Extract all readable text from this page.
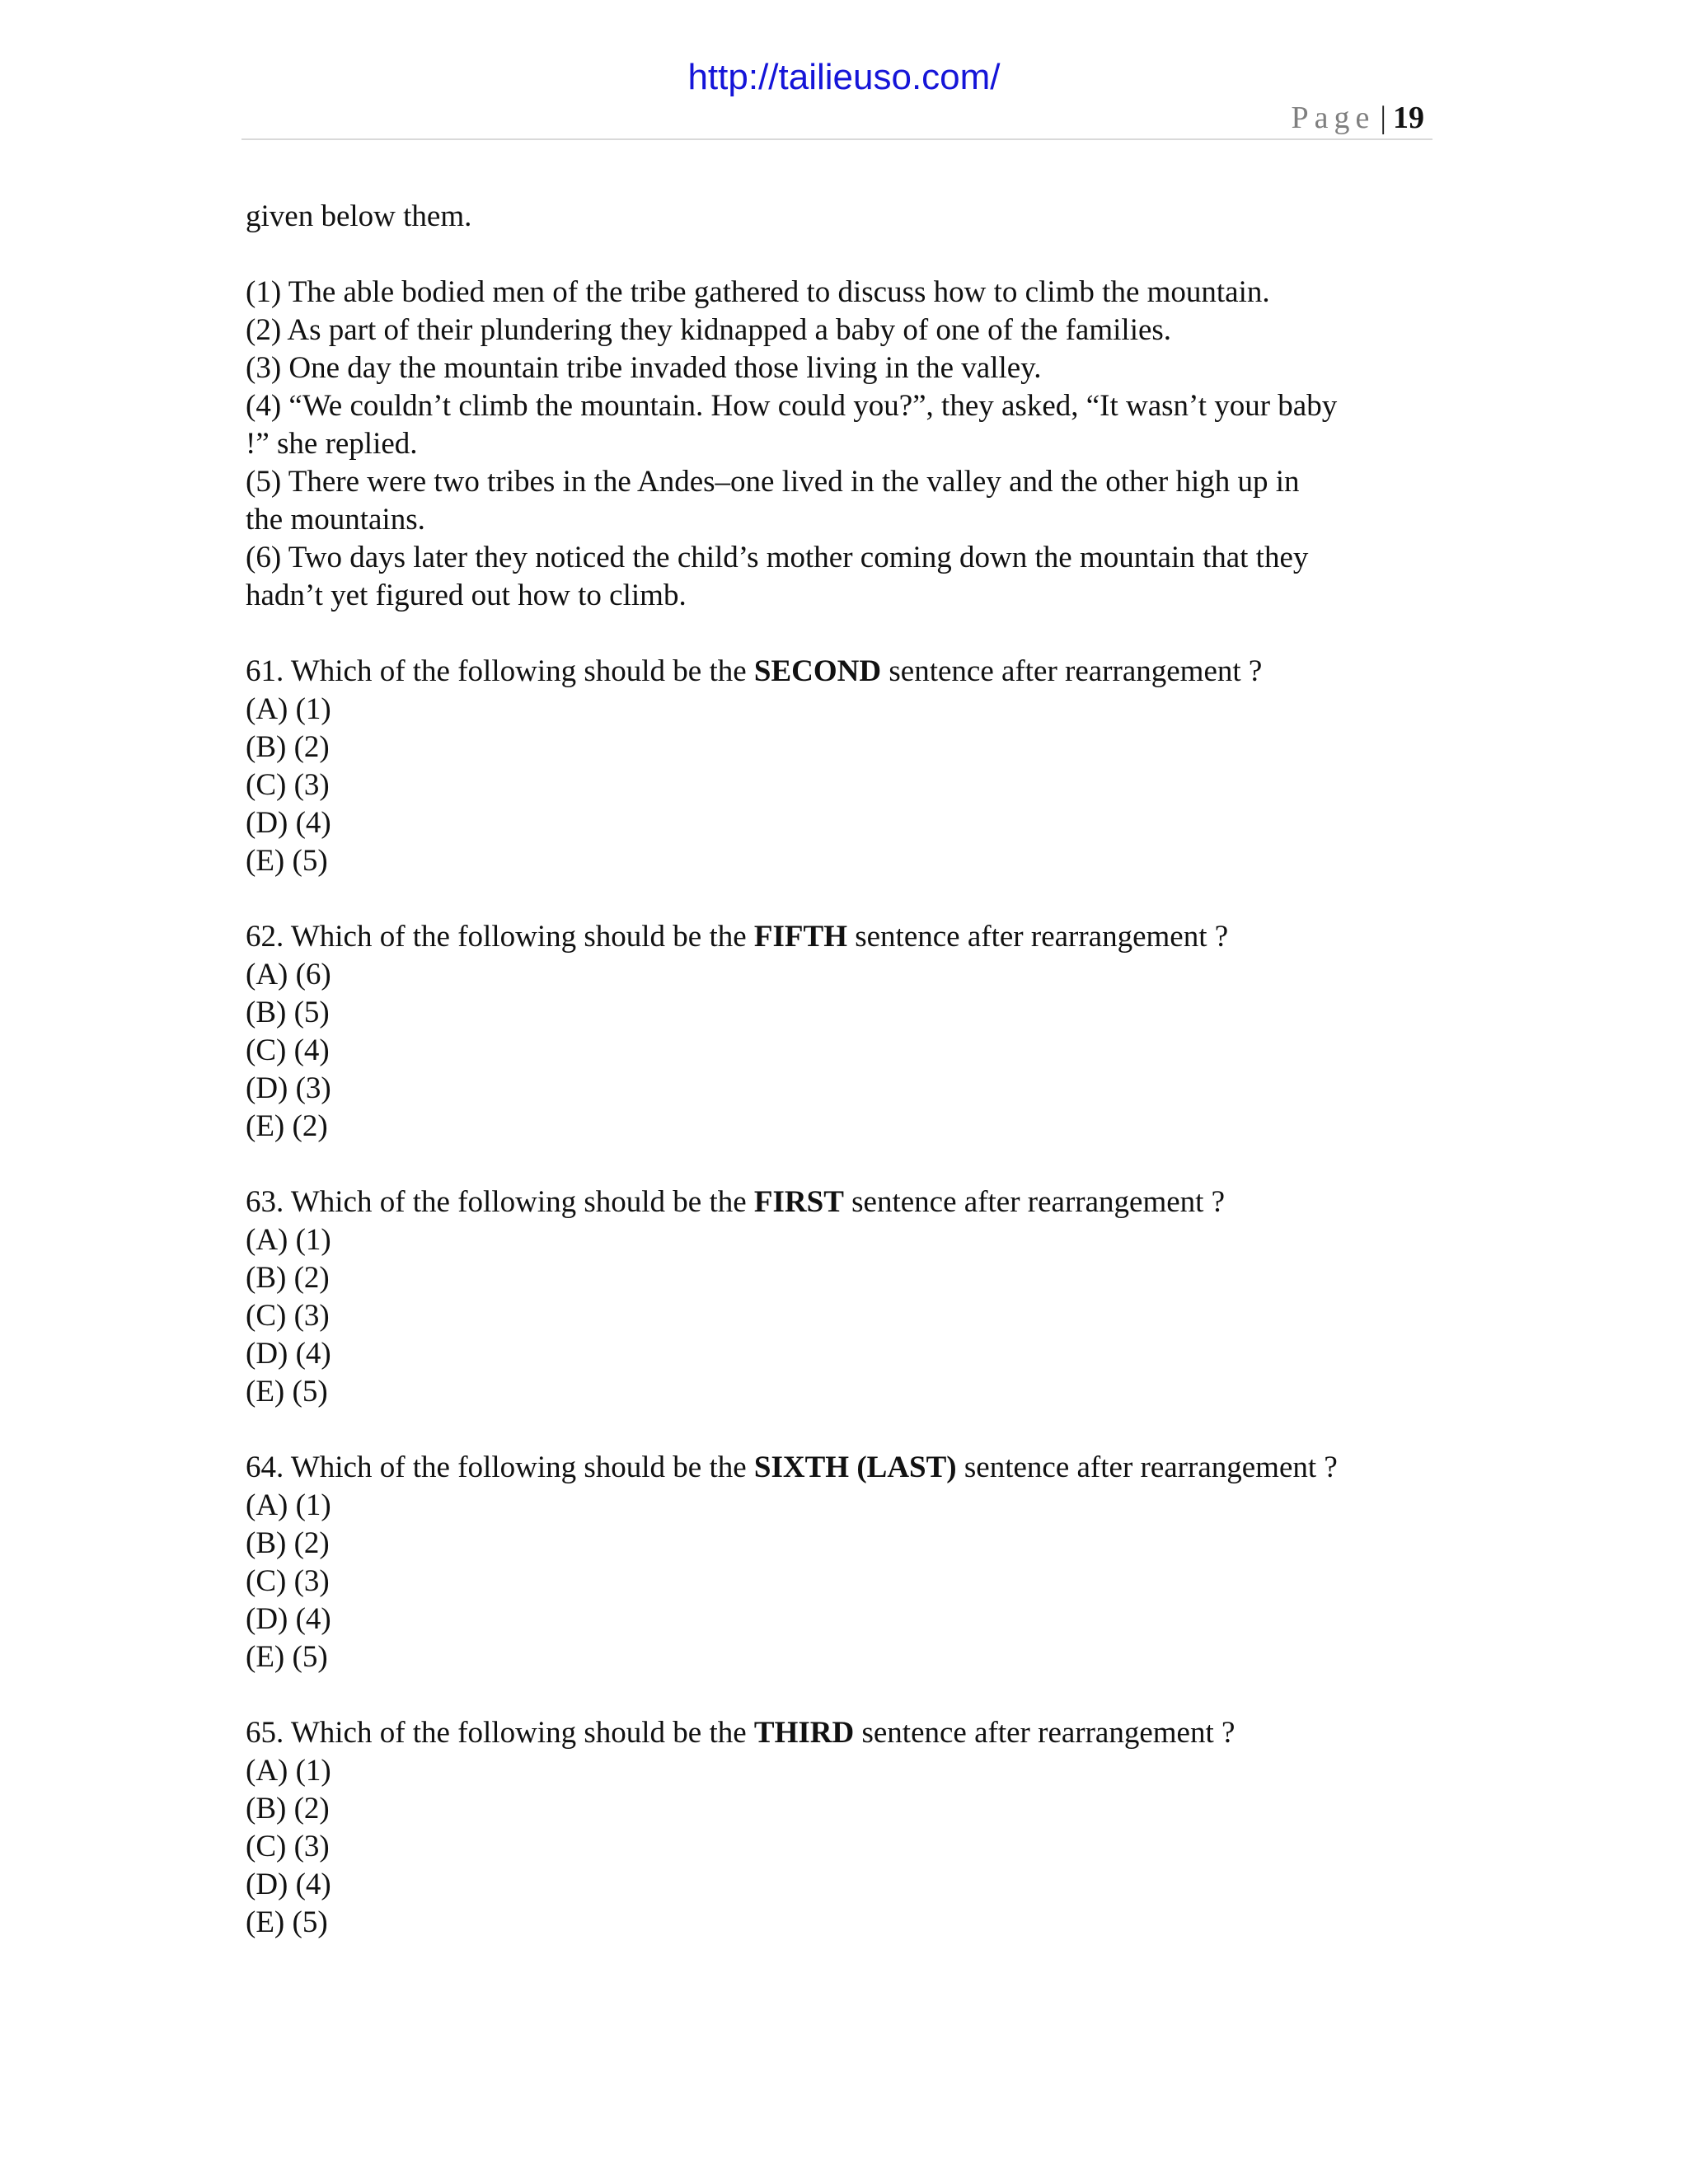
http://tailieuso.com/
Page | 19
given below them.
(1) The able bodied men of the tribe gathered to discuss how to climb the mountain.
(2) As part of their plundering they kidnapped a baby of one of the families.
(3) One day the mountain tribe invaded those living in the valley.
(4) “We couldn’t climb the mountain. How could you?”, they asked, “It wasn’t your baby
!” she replied.
(5) There were two tribes in the Andes–one lived in the valley and the other high up in
the mountains.
(6) Two days later they noticed the child’s mother coming down the mountain that they
hadn’t yet figured out how to climb.
61. Which of the following should be the SECOND sentence after rearrangement ?
(A) (1)
(B) (2)
(C) (3)
(D) (4)
(E) (5)
62. Which of the following should be the FIFTH sentence after rearrangement ?
(A) (6)
(B) (5)
(C) (4)
(D) (3)
(E) (2)
63. Which of the following should be the FIRST sentence after rearrangement ?
(A) (1)
(B) (2)
(C) (3)
(D) (4)
(E) (5)
64. Which of the following should be the SIXTH (LAST) sentence after rearrangement ?
(A) (1)
(B) (2)
(C) (3)
(D) (4)
(E) (5)
65. Which of the following should be the THIRD sentence after rearrangement ?
(A) (1)
(B) (2)
(C) (3)
(D) (4)
(E) (5)
